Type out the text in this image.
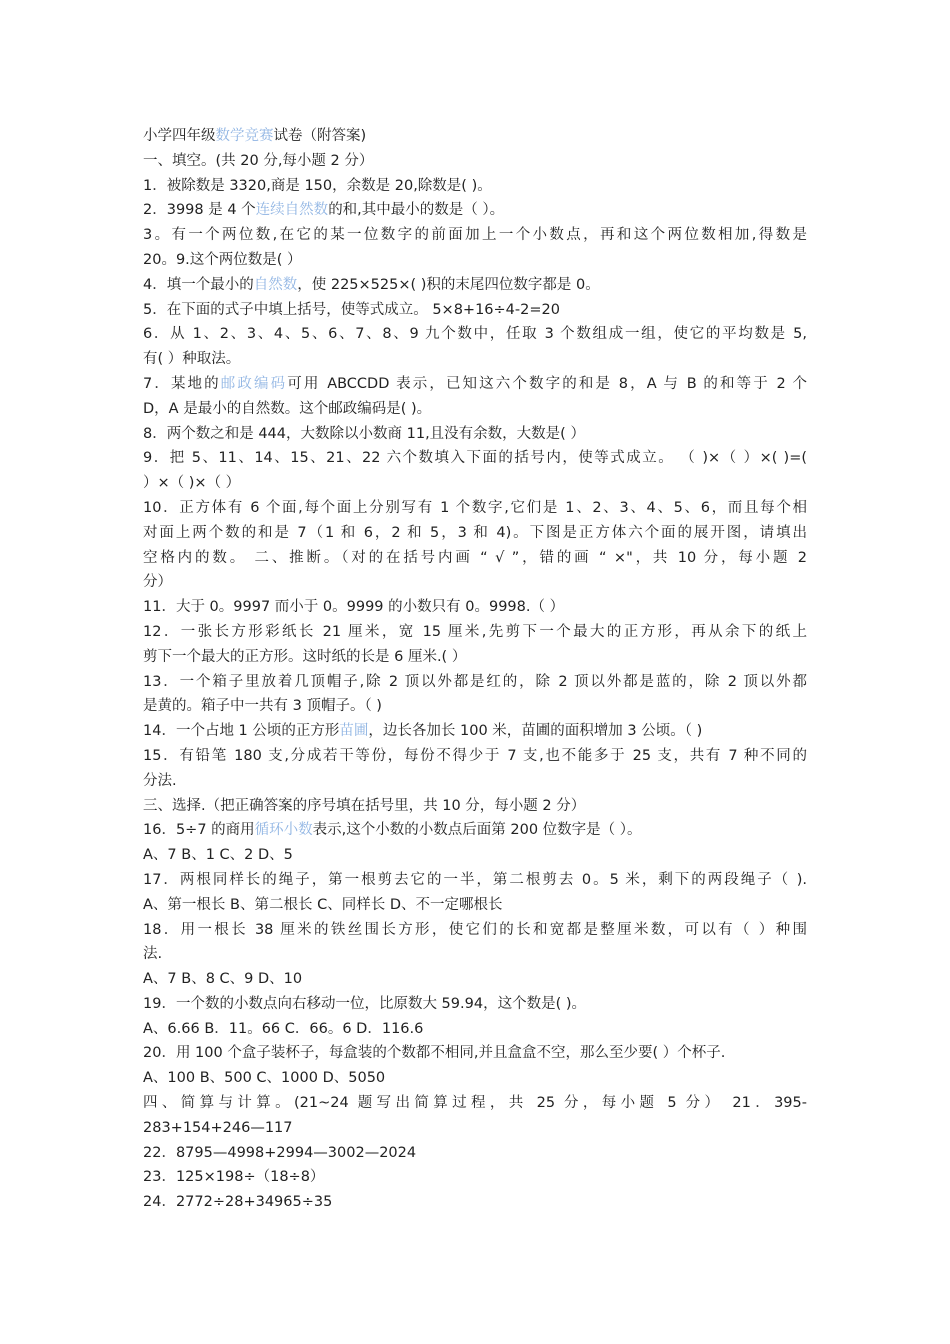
小学四年级数学竞赛试卷（附答案)
一、填空。(共 20 分,每小题 2 分）
1．被除数是 3320,商是 150，余数是 20,除数是( )。
2．3998 是 4 个连续自然数的和,其中最小的数是（ ）。
3。有一个两位数,在它的某一位数字的前面加上一个小数点，再和这个两位数相加,得数是
20。9.这个两位数是( ）
4．填一个最小的自然数，使 225×525×( )积的末尾四位数字都是 0。
5．在下面的式子中填上括号，使等式成立。 5×8+16÷4-2=20
6．从 1、2、3、4、5、6、7、8、9 九个数中，任取 3 个数组成一组，使它的平均数是 5,
有( ）种取法。
7．某地的邮政编码可用 ABCCDD 表示，已知这六个数字的和是 8，A 与 B 的和等于 2 个
D，A 是最小的自然数。这个邮政编码是( )。
8．两个数之和是 444，大数除以小数商 11,且没有余数，大数是( ）
9．把 5、11、14、15、21、22 六个数填入下面的括号内，使等式成立。 （ )×（ ）×( )=(
）×（ )×（ ）
10．正方体有 6 个面,每个面上分别写有 1 个数字,它们是 1、2、3、4、5、6，而且每个相
对面上两个数的和是 7（1 和 6，2 和 5，3 和 4)。下图是正方体六个面的展开图，请填出
空格内的数。 二、推断。（对的在括号内画 “ √ ”，错的画 “ ×"，共 10 分，每小题 2
分）
11．大于 0。9997 而小于 0。9999 的小数只有 0。9998.（ ）
12．一张长方形彩纸长 21 厘米，宽 15 厘米,先剪下一个最大的正方形，再从余下的纸上
剪下一个最大的正方形。这时纸的长是 6 厘米.( ）
13．一个箱子里放着几顶帽子,除 2 顶以外都是红的，除 2 顶以外都是蓝的，除 2 顶以外都
是黄的。箱子中一共有 3 顶帽子。（ )
14．一个占地 1 公顷的正方形苗圃，边长各加长 100 米，苗圃的面积增加 3 公顷。（ )
15．有铅笔 180 支,分成若干等份，每份不得少于 7 支,也不能多于 25 支，共有 7 种不同的
分法.
三、选择.（把正确答案的序号填在括号里，共 10 分，每小题 2 分）
16．5÷7 的商用循环小数表示,这个小数的小数点后面第 200 位数字是（ ）。
A、7 B、1 C、2 D、5
17．两根同样长的绳子，第一根剪去它的一半，第二根剪去 0。5 米，剩下的两段绳子（ ).
A、第一根长 B、第二根长 C、同样长 D、不一定哪根长
18．用一根长 38 厘米的铁丝围长方形，使它们的长和宽都是整厘米数，可以有（ ）种围
法.
A、7 B、8 C、9 D、10
19．一个数的小数点向右移动一位，比原数大 59.94，这个数是( )。
A、6.66 B．11。66 C．66。6 D．116.6
20．用 100 个盒子装杯子，每盒装的个数都不相同,并且盒盒不空，那么至少要( ）个杯子.
A、100 B、500 C、1000 D、5050
四、简算与计算。(21~24 题写出简算过程，共 25 分，每小题 5 分） 21．395-
283+154+246—117
22．8795—4998+2994—3002—2024
23．125×198÷（18÷8）
24．2772÷28+34965÷35
